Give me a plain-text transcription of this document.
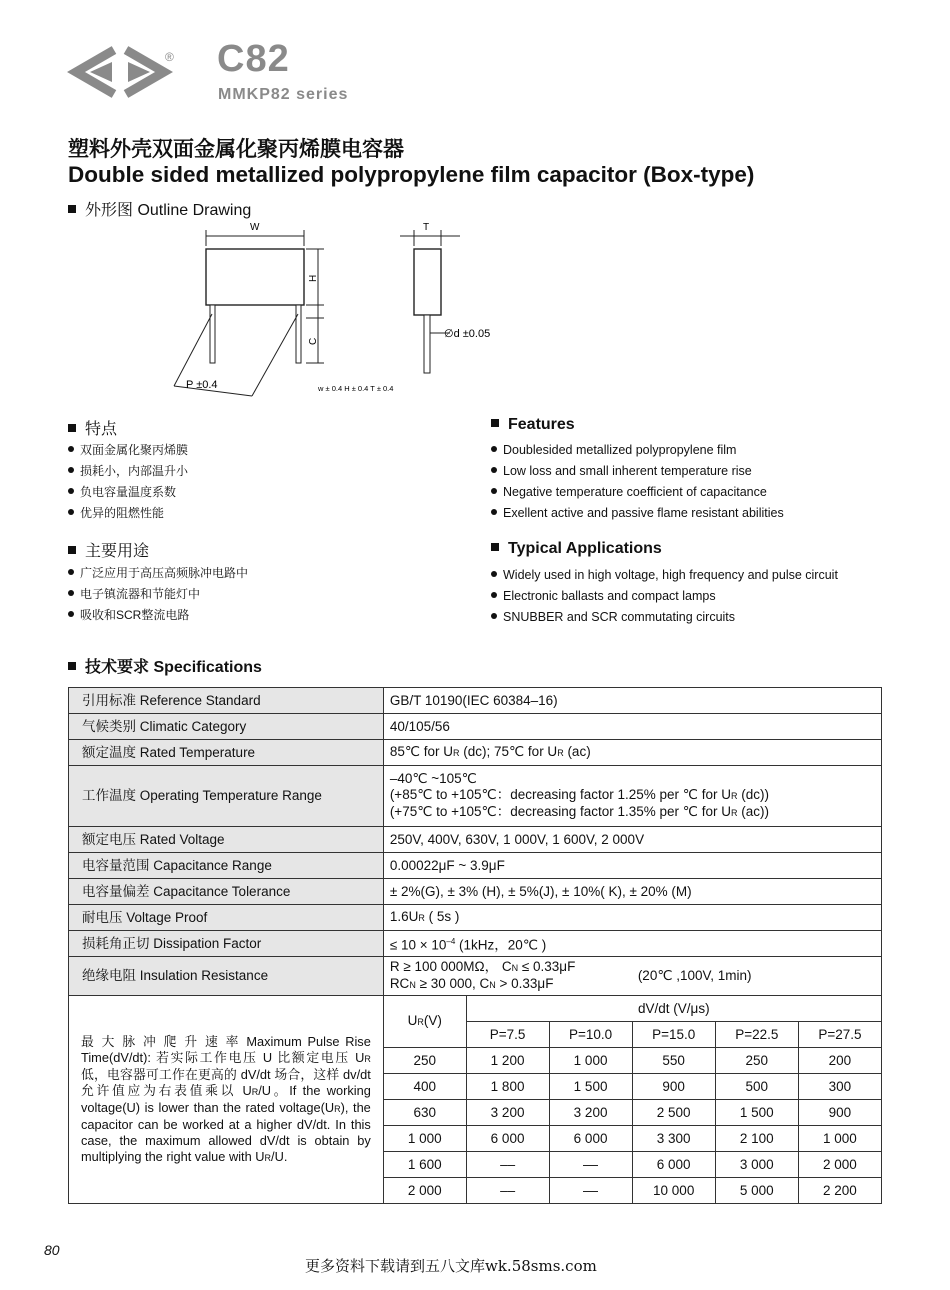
® C82
MMKP82 series
塑料外壳双面金属化聚丙烯膜电容器
Double sided metallized polypropylene film capacitor (Box-type)
外形图 Outline Drawing
W	T
H
C
P ±0.4
∅d ±0.05
w ± 0.4 H ± 0.4 T ± 0.4
特点
双面金属化聚丙烯膜
损耗小，内部温升小
负电容量温度系数
优异的阻燃性能
Features
Doublesided metallized polypropylene film
Low loss and small inherent temperature rise
Negative temperature coefficient of capacitance
Exellent active and passive flame resistant abilities
主要用途
广泛应用于高压高频脉冲电路中
电子镇流器和节能灯中
吸收和SCR整流电路
Typical Applications
Widely used in high voltage, high frequency and pulse circuit
Electronic ballasts and compact lamps
SNUBBER and SCR commutating circuits
技术要求 Specifications
引用标准 Reference Standard	GB/T 10190(IEC 60384–16)					
气候类别 Climatic Category	40/105/56					
额定温度 Rated Temperature	85℃ for UR (dc); 75℃ for UR (ac)					
工作温度 Operating Temperature Range	–40℃ ~105℃
(+85℃ to +105℃：decreasing factor 1.25% per ℃ for UR (dc))
(+75℃ to +105℃：decreasing factor 1.35% per ℃ for UR (ac))					

额定电压 Rated Voltage	250V, 400V, 630V, 1 000V, 1 600V, 2 000V					
电容量范围 Capacitance Range	0.00022μF ~ 3.9μF					
电容量偏差 Capacitance Tolerance	± 2%(G), ± 3% (H), ± 5%(J), ± 10%( K), ± 20% (M)					
耐电压 Voltage Proof	1.6UR ( 5s )					
损耗角正切 Dissipation Factor	≤ $10 \times 10^{-4}$ (1kHz，20℃ )					
绝缘电阻 Insulation Resistance	R ≥ 100 000MΩ， CN ≤ 0.33μF
RCN ≥ 30 000, CN > 0.33μF
(20℃ ,100V, 1min)					

最 大 脉 冲 爬 升 速 率 Maximum Pulse Rise Time(dV/dt): 若实际工作电压 U 比额定电压 UR 低，电容器可工作在更高的 dV/dt 场合，这样 dv/dt 允许值应为右表值乘以 UR/U。If the working voltage(U) is lower than the rated voltage(UR), the capacitor can be worked at a higher dV/dt. In this case, the maximum allowed dV/dt is obtain by multiplying the right value with UR/U.	UR(V)	dV/dt (V/μs)				
		P=7.5	P=10.0	P=15.0	P=22.5	P=27.5
	250	1 200	1 000	550	250	200
	400	1 800	1 500	900	500	300
	630	3 200	3 200	2 500	1 500	900
	1 000	6 000	6 000	3 300	2 100	1 000
	1 600	––	––	6 000	3 000	2 000
	2 000	––	––	10 000	5 000	2 200
80
更多资料下载请到五八文库wk.58sms.com
